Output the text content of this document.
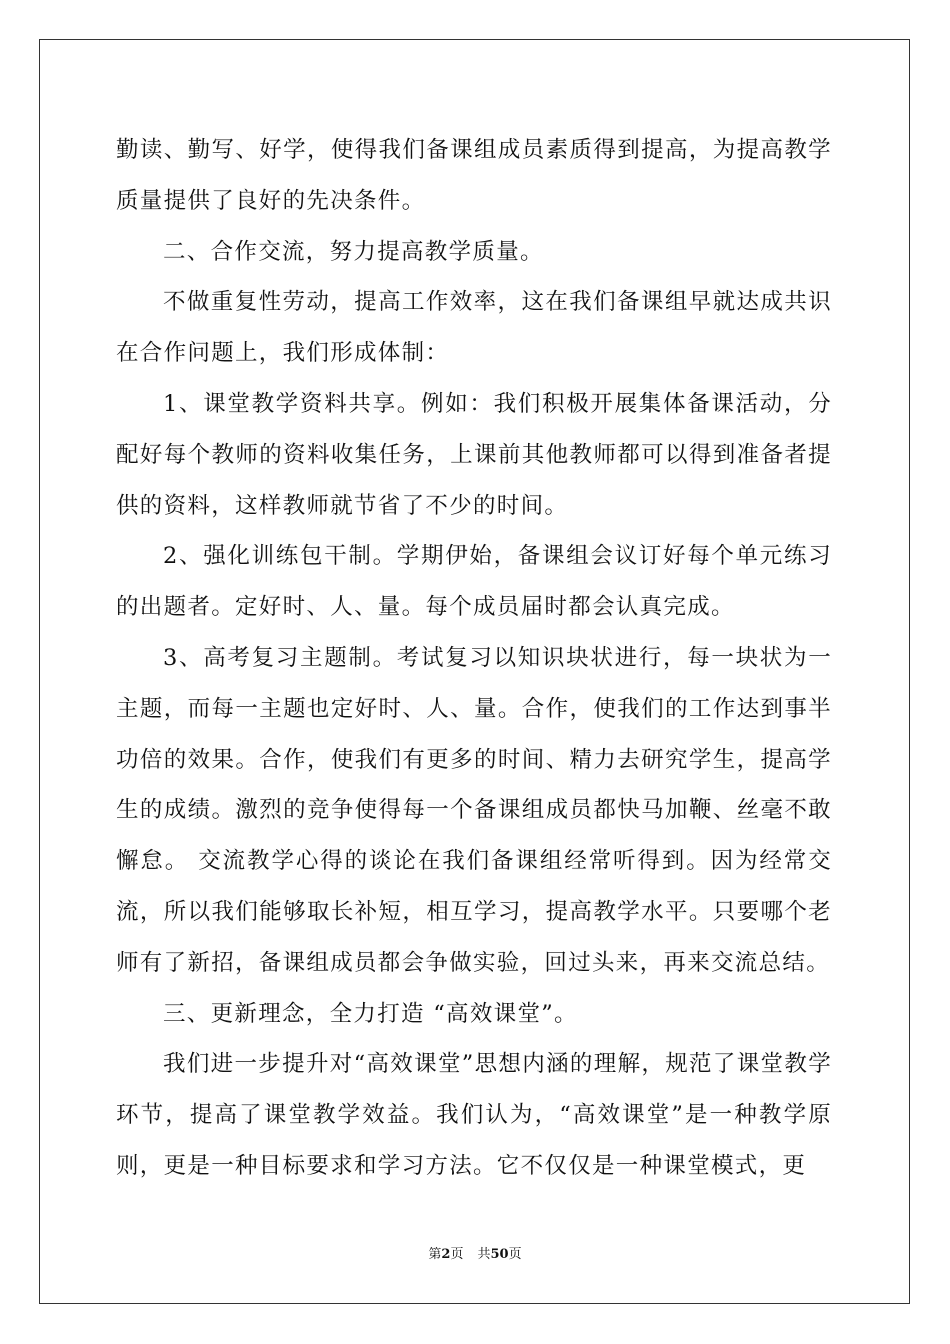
勤读、勤写、好学，使得我们备课组成员素质得到提高，为提高教学质量提供了良好的先决条件。

二、合作交流，努力提高教学质量。

不做重复性劳动，提高工作效率，这在我们备课组早就达成共识在合作问题上，我们形成体制：

1、课堂教学资料共享。例如：我们积极开展集体备课活动，分配好每个教师的资料收集任务，上课前其他教师都可以得到准备者提供的资料，这样教师就节省了不少的时间。

2、强化训练包干制。学期伊始，备课组会议订好每个单元练习的出题者。定好时、人、量。每个成员届时都会认真完成。

3、高考复习主题制。考试复习以知识块状进行，每一块状为一主题，而每一主题也定好时、人、量。合作，使我们的工作达到事半功倍的效果。合作，使我们有更多的时间、精力去研究学生，提高学生的成绩。激烈的竞争使得每一个备课组成员都快马加鞭、丝毫不敢懈怠。 交流教学心得的谈论在我们备课组经常听得到。因为经常交流，所以我们能够取长补短，相互学习，提高教学水平。只要哪个老师有了新招，备课组成员都会争做实验，回过头来，再来交流总结。

三、更新理念，全力打造 “高效课堂”。

我们进一步提升对“高效课堂”思想内涵的理解，规范了课堂教学环节，提高了课堂教学效益。我们认为，“高效课堂”是一种教学原则，更是一种目标要求和学习方法。它不仅仅是一种课堂模式，更

第2页 共50页
